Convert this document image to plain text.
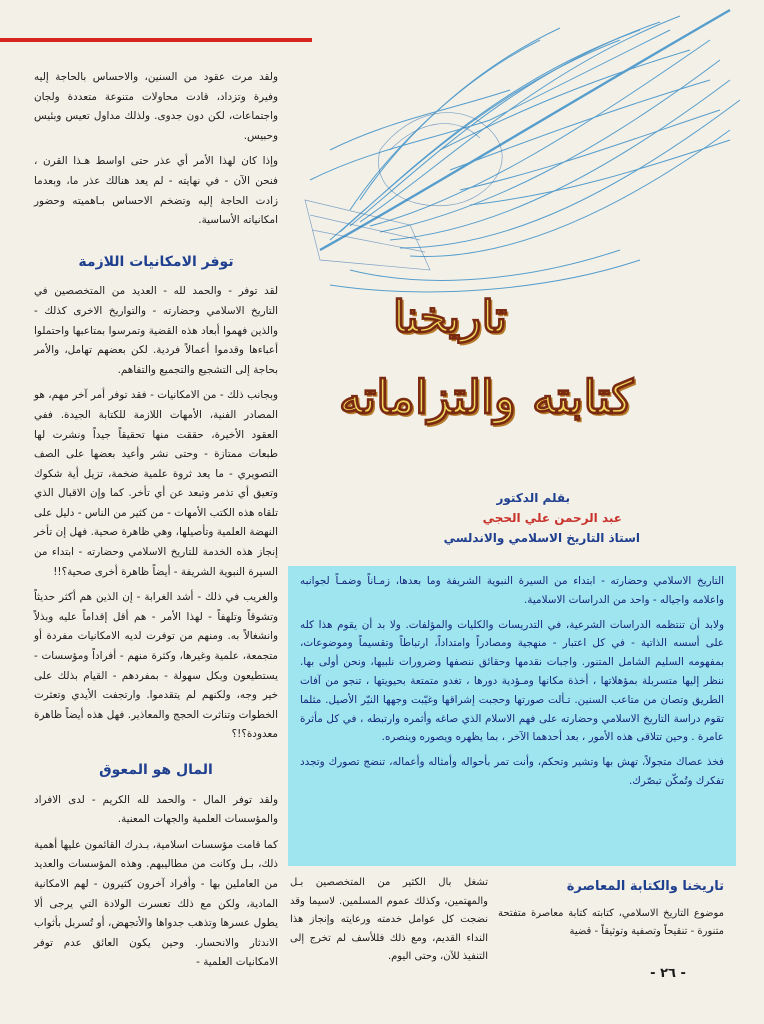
ولقد مرت عقود من السنين، والاحساس بالحاجة إليه وفيرة وتزداد، قادت محاولات متنوعة متعددة ولجان واجتماعات، لكن دون جدوى. ولذلك مداول تعيس وبئيس وحبيس.

وإذا كان لهذا الأمر أي عذر حتى اواسط هـذا القرن ، فنحن الآن - في نهايته - لم يعد هنالك عذر ما، وبعدما زادت الحاجة إليه وتضخم الاحساس بـاهميته وحضور امكانياته الأساسية.

توفر الامكانيات اللازمة

لقد توفر - والحمد لله - العديد من المتخصصين في التاريخ الاسلامي وحضارته - والتواريخ الاخرى كذلك - والذين فهموا أبعاد هذه القضية وتمرسوا بمتاعبها واحتملوا أعباءها وقدموا أعمالاً فردية. لكن بعضهم تهامل، والأمر بحاجة إلى التشجيع والتجميع والتفاهم.

وبجانب ذلك - من الامكانيات - فقد توفر أمر آخر مهم، هو المصادر الفنية، الأمهات اللازمة للكتابة الجيدة. ففي العقود الأخيرة، حققت منها تحقيقاً جيداً ونشرت لها طبعات ممتازة - وحتى نشر وأعيد بعضها على الصف التصويري - ما يعد ثروة علمية ضخمة، تزيل أية شكوك وتعيق أي تذمر وتبعد عن أي تأخر. كما وإن الاقبال الذي تلقاه هذه الكتب الأمهات - من كثير من الناس - دليل على النهضة العلمية وتأصيلها، وهي ظاهرة صحية. فهل إن تأخر إنجاز هذه الخدمة للتاريخ الاسلامي وحضارته - ابتداء من السيرة النبوية الشريفة - أيضاً ظاهرة أخرى صحية؟!!

والغريب في ذلك - أشد الغرابة - إن الذين هم أكثر حديثاً وتشوقاً وتلهفاً - لهذا الأمر - هم أقل إقداماً عليه وبذلاً وانشغالاً به. ومنهم من توفرت لديه الامكانيات مفردة أو متجمعة، علمية وغيرها، وكثرة منهم - أفراداً ومؤسسات - يستطيعون وبكل سهولة - بمفردهم - القيام بذلك على خير وجه، ولكنهم لم يتقدموا. وارتجفت الأيدي وتعثرت الخطوات وتناثرت الحجج والمعاذير. فهل هذه أيضاً ظاهرة معدودة؟!؟

المال هو المعوق

ولقد توفر المال - والحمد لله الكريم - لدى الافراد والمؤسسات العلمية والجهات المعنية.

كما قامت مؤسسات اسلامية، بـدرك القائمون عليها أهمية ذلك، بـل وكانت من مطاليبهم. وهذه المؤسسات والعديد من العاملين بها - وأفراد آخرون كثيرون - لهم الامكانية المادية، ولكن مع ذلك تعسرت الولادة التي يرجى ألا يطول عسرها وتذهب جدواها والأتجهض، أو تُسربل بأثواب الاندثار والانحسار. وحين يكون العائق عدم توفر الامكانيات العلمية -

تاريخنا
كتابته والتزاماته
بقلم الدكتور
عبد الرحمن علي الحجي
استاذ التاريخ الاسلامي والاندلسي

التاريخ الاسلامي وحضارته - ابتداء من السيرة النبوية الشريفة وما بعدها، زمـاناً وضمـاً لجوانبه واعلامه واجياله - واحد من الدراسات الاسلامية.

ولابد أن تنتظمه الدراسات الشرعية، في التدريسات والكليات والمؤلفات. ولا بد أن يقوم هذا كله على أسسه الذاتية - في كل اعتبار - منهجية ومصادراً وامتداداً، ارتباطاً وتقسيماً وموضوعات، بمفهومه السليم الشامل المتنور. واجبات نقدمها وحقائق ننصفها وضرورات نلبيها، ونحن أولى بها. ننظر إليها متسربلة بمؤهلاتها ، أخذة مكانها ومـؤدية دورها ، تغدو متمتعة بحيويتها ، تنجو من آفات الطريق وتصان من متاعب السنين. تـألت صورتها وحجبت إشراقها وغيّبت وجهها النيّر الأصيل. مثلما تقوم دراسة التاريخ الاسلامي وحضارته على فهم الاسلام الذي صاغه وأثمره وارتبطه ، في كل مأثرة عامرة . وحين تتلاقى هذه الأمور ، بعد أحدهما الآخر ، بما يظهره ويصوره وينصره.

فخذ عصاك متجولاً، تهش بها وتشير وتحكم، وأنت تمر بأحواله وأمثاله وأعماله، تنضج تصورك وتجدد تفكرك وتُمكّن تبصّرك.

تشغل بال الكثير من المتخصصين بـل والمهتمين، وكذلك عموم المسلمين. لاسيما وقد نضجت كل عوامل خدمته ورعايته وإنجاز هذا النداء القديم، ومع ذلك فللأسف لم تخرج إلى التنفيذ للآن، وحتى اليوم.

تاريخنا والكتابة المعاصرة

موضوع التاريخ الاسلامي، كتابته كتابة معاصرة متفتحة متنورة - تنقيحاً وتصفية وتوثيقاً - قضية

- ٢٦ -
